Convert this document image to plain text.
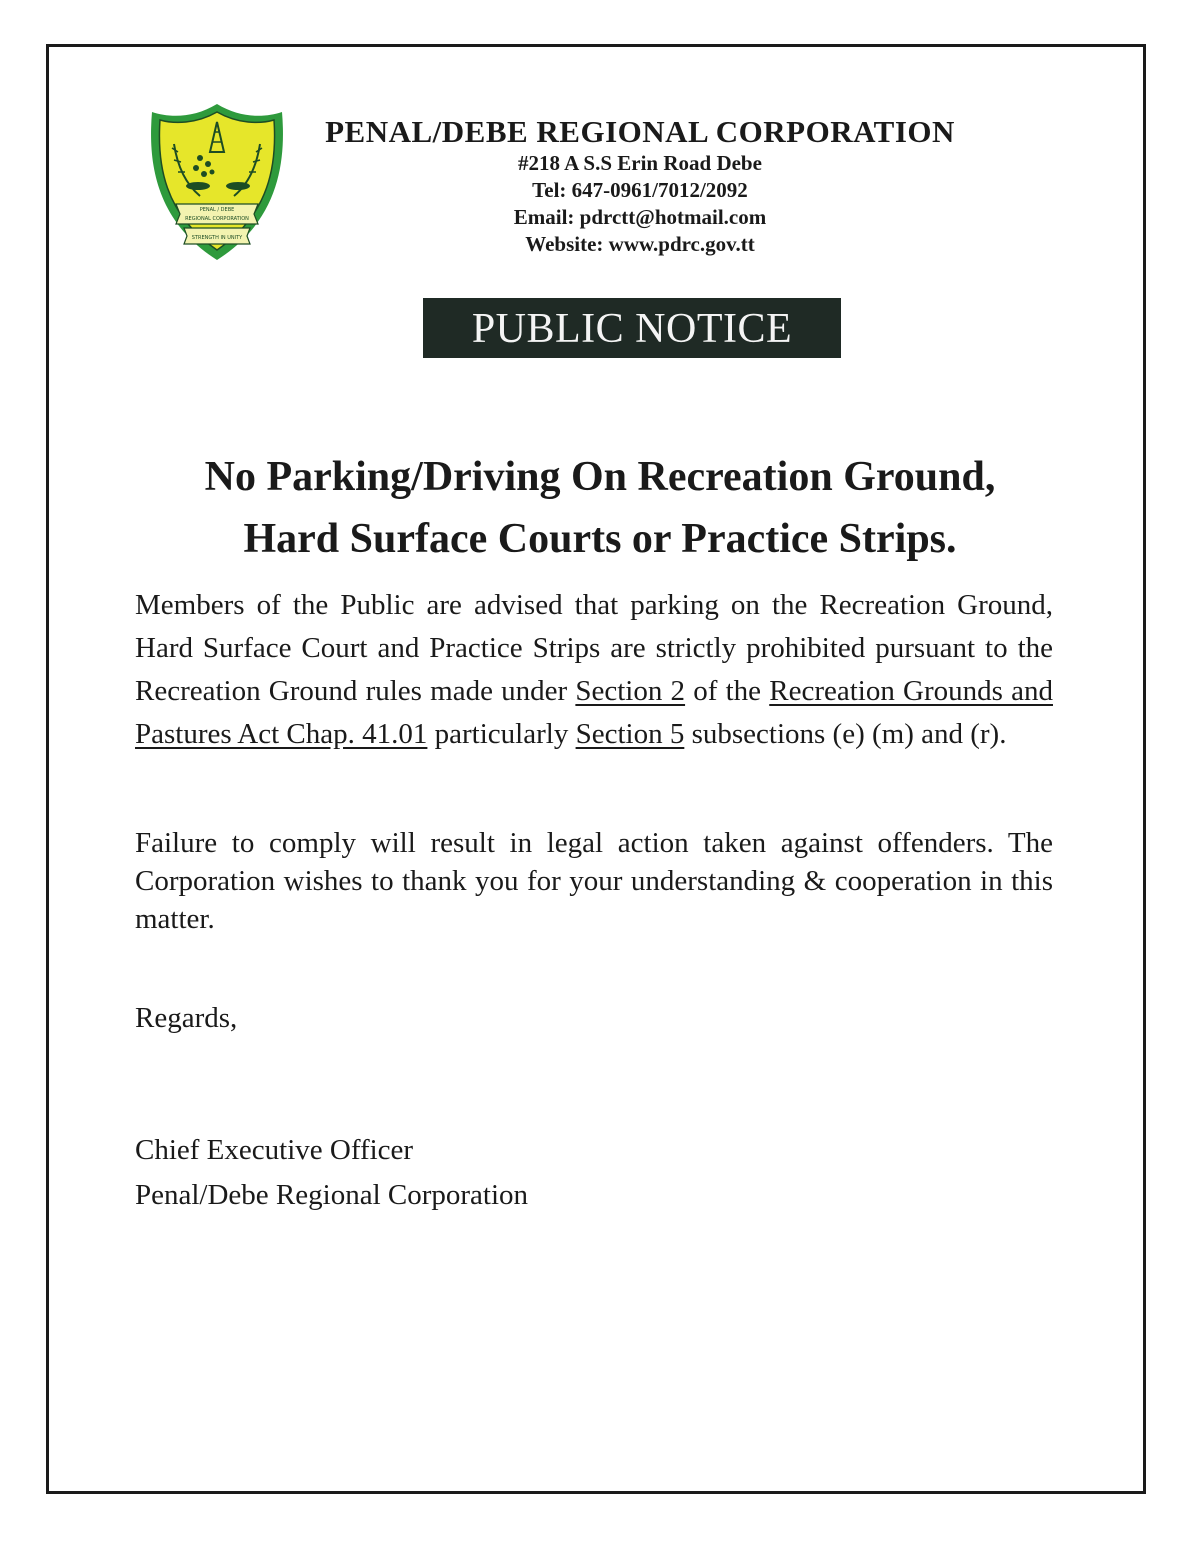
PENAL / DEBE
REGIONAL CORPORATION
STRENGTH IN UNITY
PENAL/DEBE REGIONAL CORPORATION
#218 A S.S Erin Road Debe
Tel: 647-0961/7012/2092
Email: pdrctt@hotmail.com
Website: www.pdrc.gov.tt
PUBLIC NOTICE
No Parking/Driving On Recreation Ground,
Hard Surface Courts or Practice Strips.

Members of the Public are advised that parking on the Recreation Ground, Hard Surface Court and Practice Strips are strictly prohibited pursuant to the Recreation Ground rules made under Section 2 of the Recreation Grounds and Pastures Act Chap. 41.01 particularly Section 5 subsections (e) (m) and (r).

Failure to comply will result in legal action taken against offenders. The Corporation wishes to thank you for your understanding & cooperation in this matter.

Regards,
Chief Executive Officer
Penal/Debe Regional Corporation
